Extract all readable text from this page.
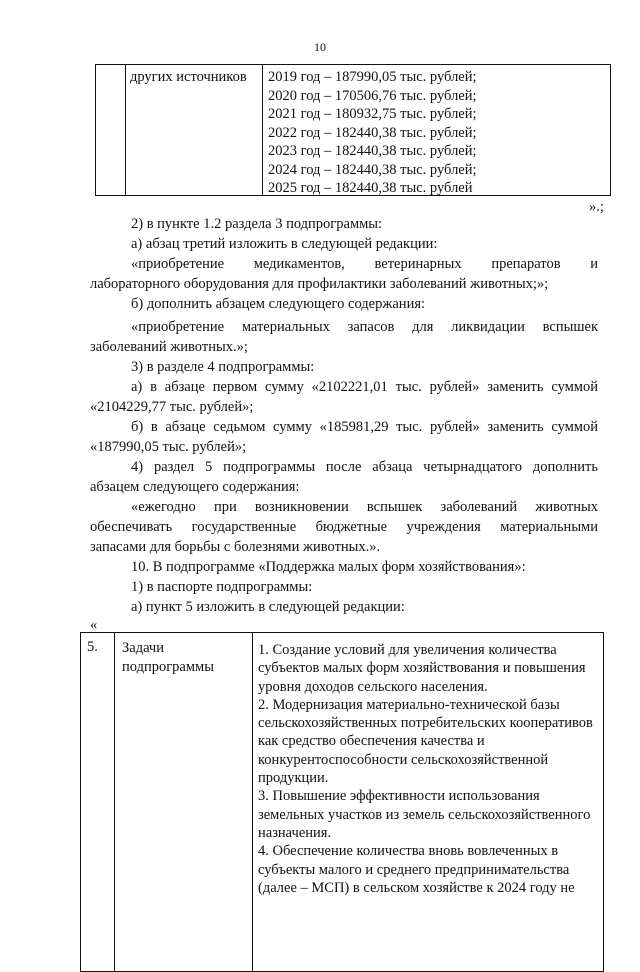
10
других источников	2019 год – 187990,05 тыс. рублей;
2020 год – 170506,76 тыс. рублей;
2021 год – 180932,75 тыс. рублей;
2022 год – 182440,38 тыс. рублей;
2023 год – 182440,38 тыс. рублей;
2024 год – 182440,38 тыс. рублей;
2025 год – 182440,38 тыс. рублей
».;
2) в пункте 1.2 раздела 3 подпрограммы:
а) абзац третий изложить в следующей редакции:
«приобретение медикаментов, ветеринарных препаратов и
лабораторного оборудования для профилактики заболеваний животных;»;
б) дополнить абзацем следующего содержания:
«приобретение материальных запасов для ликвидации вспышек
заболеваний животных.»;
3) в разделе 4 подпрограммы:
а) в абзаце первом сумму «2102221,01 тыс. рублей» заменить суммой
«2104229,77 тыс. рублей»;
б) в абзаце седьмом сумму «185981,29 тыс. рублей» заменить суммой
«187990,05 тыс. рублей»;
4) раздел 5 подпрограммы после абзаца четырнадцатого дополнить
абзацем следующего содержания:
«ежегодно при возникновении вспышек заболеваний животных
обеспечивать государственные бюджетные учреждения материальными
запасами для борьбы с болезнями животных.».
10. В подпрограмме «Поддержка малых форм хозяйствования»:
1) в паспорте подпрограммы:
а) пункт 5 изложить в следующей редакции:
«
5.	Задачи подпрограммы

1. Создание условий для увеличения количества субъектов малых форм хозяйствования и повышения уровня доходов сельского населения.

2. Модернизация материально-технической базы сельскохозяйственных потребительских кооперативов как средство обеспечения качества и конкурентоспособности сельскохозяйственной продукции.

3. Повышение эффективности использования земельных участков из земель сельскохозяйственного назначения.

4. Обеспечение количества вновь вовлеченных в субъекты малого и среднего предпринимательства (далее – МСП) в сельском хозяйстве к 2024 году не
